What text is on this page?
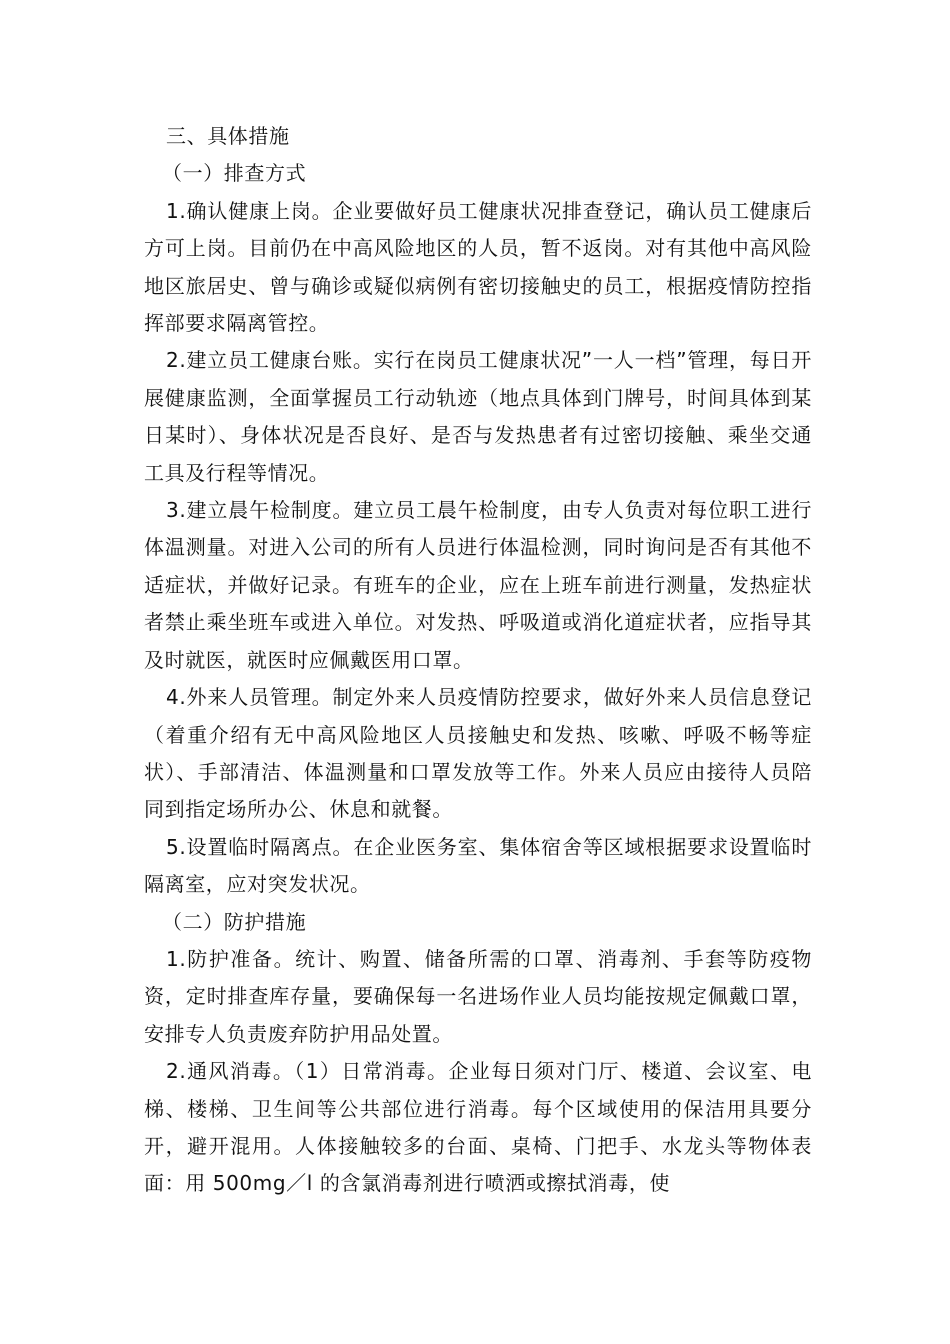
三、具体措施
（一）排查方式

1.确认健康上岗。企业要做好员工健康状况排查登记，确认员工健康后方可上岗。目前仍在中高风险地区的人员，暂不返岗。对有其他中高风险地区旅居史、曾与确诊或疑似病例有密切接触史的员工，根据疫情防控指挥部要求隔离管控。

2.建立员工健康台账。实行在岗员工健康状况”一人一档”管理，每日开展健康监测，全面掌握员工行动轨迹（地点具体到门牌号，时间具体到某日某时）、身体状况是否良好、是否与发热患者有过密切接触、乘坐交通工具及行程等情况。

3.建立晨午检制度。建立员工晨午检制度，由专人负责对每位职工进行体温测量。对进入公司的所有人员进行体温检测，同时询问是否有其他不适症状，并做好记录。有班车的企业，应在上班车前进行测量，发热症状者禁止乘坐班车或进入单位。对发热、呼吸道或消化道症状者，应指导其及时就医，就医时应佩戴医用口罩。

4.外来人员管理。制定外来人员疫情防控要求，做好外来人员信息登记（着重介绍有无中高风险地区人员接触史和发热、咳嗽、呼吸不畅等症状）、手部清洁、体温测量和口罩发放等工作。外来人员应由接待人员陪同到指定场所办公、休息和就餐。

5.设置临时隔离点。在企业医务室、集体宿舍等区域根据要求设置临时隔离室，应对突发状况。

（二）防护措施

1.防护准备。统计、购置、储备所需的口罩、消毒剂、手套等防疫物资，定时排查库存量，要确保每一名进场作业人员均能按规定佩戴口罩，安排专人负责废弃防护用品处置。

2.通风消毒。（1）日常消毒。企业每日须对门厅、楼道、会议室、电梯、楼梯、卫生间等公共部位进行消毒。每个区域使用的保洁用具要分开，避开混用。人体接触较多的台面、桌椅、门把手、水龙头等物体表面：用 500mg／l 的含氯消毒剂进行喷洒或擦拭消毒，使
